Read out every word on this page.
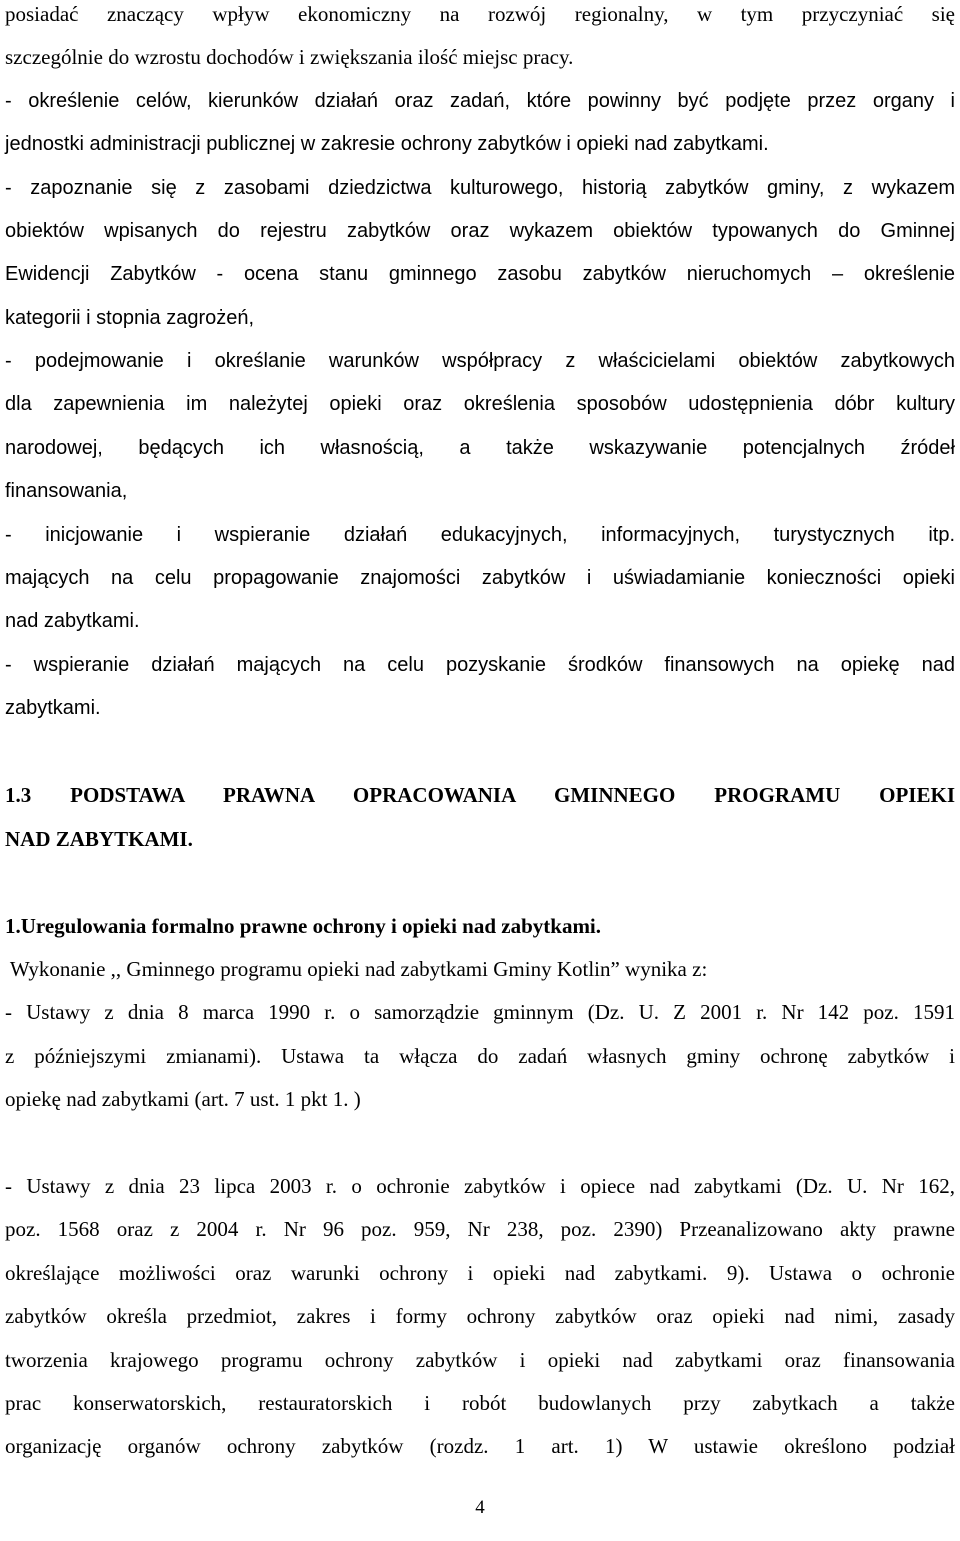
posiadać znaczący wpływ ekonomiczny na rozwój regionalny, w tym przyczyniać się
szczególnie do wzrostu dochodów i zwiększania ilość miejsc pracy.
- określenie celów, kierunków działań oraz zadań, które powinny być podjęte przez organy i
jednostki administracji publicznej w zakresie ochrony zabytków i opieki nad zabytkami.
- zapoznanie się z zasobami dziedzictwa kulturowego, historią zabytków gminy, z wykazem
obiektów wpisanych do rejestru zabytków oraz wykazem obiektów typowanych do Gminnej
Ewidencji Zabytków - ocena stanu gminnego zasobu zabytków nieruchomych – określenie
kategorii i stopnia zagrożeń,
- podejmowanie i określanie warunków współpracy z właścicielami obiektów zabytkowych
dla zapewnienia im należytej opieki oraz określenia sposobów udostępnienia dóbr kultury
narodowej, będących ich własnością, a także wskazywanie potencjalnych źródeł
finansowania,
- inicjowanie i wspieranie działań edukacyjnych, informacyjnych, turystycznych itp.
mających na celu propagowanie znajomości zabytków i uświadamianie konieczności opieki
nad zabytkami.
- wspieranie działań mających na celu pozyskanie środków finansowych na opiekę nad
zabytkami.
1.3 PODSTAWA PRAWNA OPRACOWANIA GMINNEGO PROGRAMU OPIEKI
NAD ZABYTKAMI.
1.Uregulowania formalno prawne ochrony i opieki nad zabytkami.
Wykonanie ,, Gminnego programu opieki nad zabytkami Gminy Kotlin” wynika z:
- Ustawy z dnia 8 marca 1990 r. o samorządzie gminnym (Dz. U. Z 2001 r. Nr 142 poz. 1591
z późniejszymi zmianami). Ustawa ta włącza do zadań własnych gminy ochronę zabytków i
opiekę nad zabytkami (art. 7 ust. 1 pkt 1. )
- Ustawy z dnia 23 lipca 2003 r. o ochronie zabytków i opiece nad zabytkami (Dz. U. Nr 162,
poz. 1568 oraz z 2004 r. Nr 96 poz. 959, Nr 238, poz. 2390) Przeanalizowano akty prawne
określające możliwości oraz warunki ochrony i opieki nad zabytkami. 9). Ustawa o ochronie
zabytków określa przedmiot, zakres i formy ochrony zabytków oraz opieki nad nimi, zasady
tworzenia krajowego programu ochrony zabytków i opieki nad zabytkami oraz finansowania
prac konserwatorskich, restauratorskich i robót budowlanych przy zabytkach a także
organizację organów ochrony zabytków (rozdz. 1 art. 1) W ustawie określono podział
4
